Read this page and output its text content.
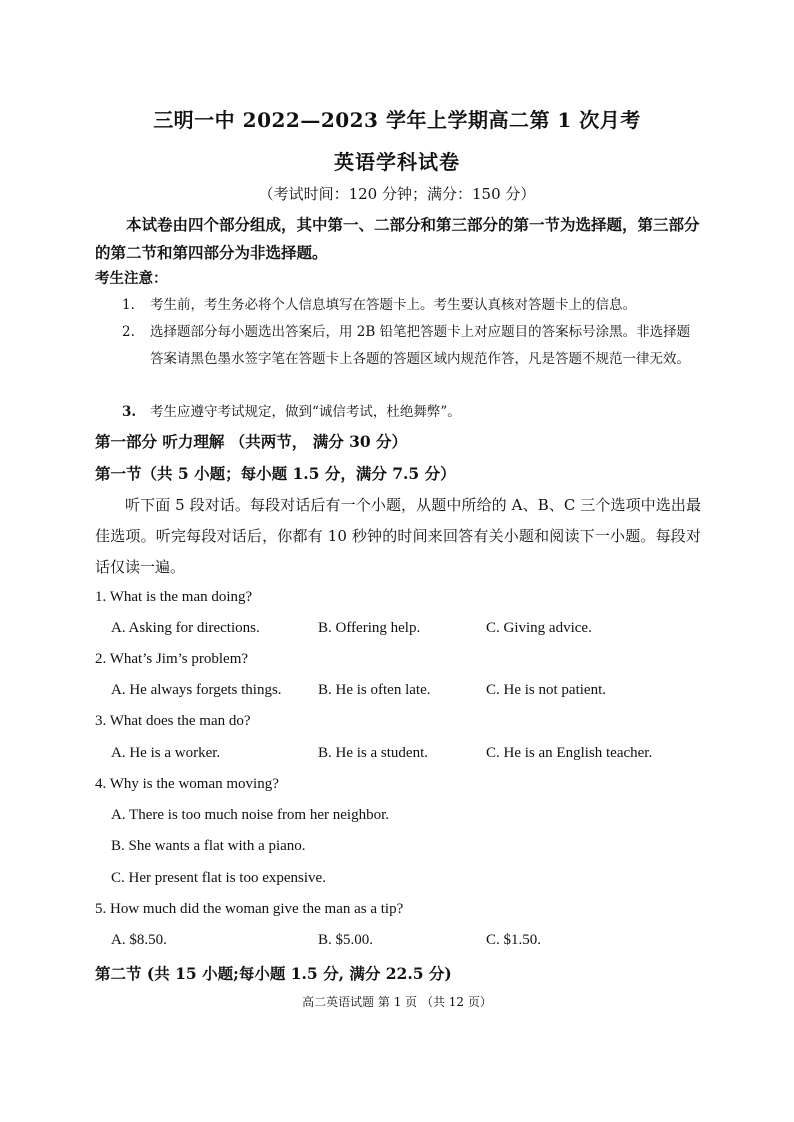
三明一中 2022—2023 学年上学期高二第 1 次月考
英语学科试卷
（考试时间：120 分钟；满分：150 分）
本试卷由四个部分组成，其中第一、二部分和第三部分的第一节为选择题，第三部分的第二节和第四部分为非选择题。
考生注意：
1.	考生前，考生务必将个人信息填写在答题卡上。考生要认真核对答题卡上的信息。
2.	选择题部分每小题选出答案后，用 2B 铅笔把答题卡上对应题目的答案标号涂黑。非选择题答案请黑色墨水签字笔在答题卡上各题的答题区域内规范作答，凡是答题不规范一律无效。
3.	考生应遵守考试规定，做到“诚信考试，杜绝舞弊”。
第一部分 听力理解 （共两节， 满分 30 分）
第一节（共 5 小题；每小题 1.5 分，满分 7.5 分）
听下面 5 段对话。每段对话后有一个小题，从题中所给的 A、B、C 三个选项中选出最佳选项。听完每段对话后，你都有 10 秒钟的时间来回答有关小题和阅读下一小题。每段对话仅读一遍。
1. What is the man doing?
A. Asking for directions.	B. Offering help.	C. Giving advice.
2. What’s Jim’s problem?
A. He always forgets things. B. He is often late.	C. He is not patient.
3. What does the man do?
A. He is a worker.	B. He is a student.	C. He is an English teacher.
4. Why is the woman moving?
A. There is too much noise from her neighbor.
B. She wants a flat with a piano.
C. Her present flat is too expensive.
5. How much did the woman give the man as a tip?
A. $8.50.	B. $5.00.	C. $1.50.
第二节 (共 15 小题;每小题 1.5 分, 满分 22.5 分)
高二英语试题 第 1 页 （共 12 页）
